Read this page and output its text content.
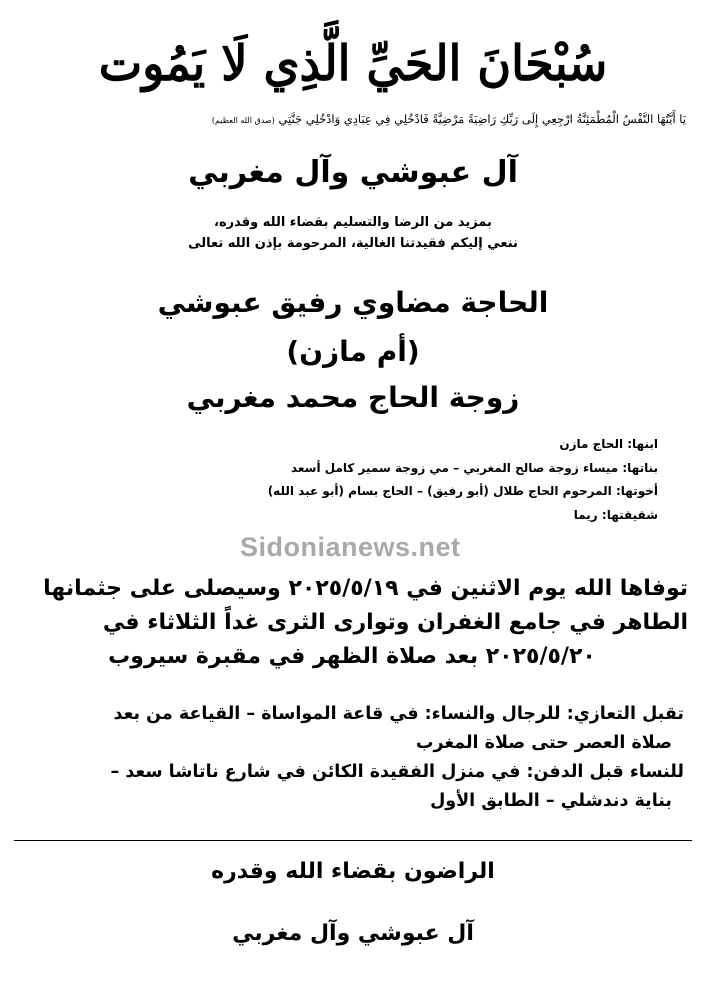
سُبْحَانَ الحَيِّ الَّذِي لَا يَمُوت
يَا أَيَّتُهَا النَّفْسُ الْمُطْمَئِنَّةُ ارْجِعِي إِلَى رَبِّكِ رَاضِيَةً مَرْضِيَّةً فَادْخُلِي فِي عِبَادِي وَادْخُلِي جَنَّتِي (صدق الله العظيم)
آل عبوشي وآل مغربي
بمزيد من الرضا والتسليم بقضاء الله وقدره،
ننعي إليكم فقيدتنا الغالية، المرحومة بإذن الله تعالى
الحاجة مضاوي رفيق عبوشي
(أم مازن)
زوجة الحاج محمد مغربي
ابنها: الحاج مازن
بناتها: ميساء زوجة صالح المغربي – مي زوجة سمير كامل أسعد
أخوتها: المرحوم الحاج طلال (أبو رفيق) – الحاج بسام (أبو عبد الله)
شقيقتها: ريما
Sidonianews.net
توفاها الله يوم الاثنين في ٢٠٢٥/٥/١٩ وسيصلى على جثمانها
الطاهر في جامع الغفران وتوارى الثرى غداً الثلاثاء في
٢٠٢٥/٥/٢٠ بعد صلاة الظهر في مقبرة سيروب
تقبل التعازي: للرجال والنساء: في قاعة المواساة – القياعة من بعد
صلاة العصر حتى صلاة المغرب
للنساء قبل الدفن: في منزل الفقيدة الكائن في شارع ناتاشا سعد –
بناية دندشلي – الطابق الأول
الراضون بقضاء الله وقدره
آل عبوشي وآل مغربي
